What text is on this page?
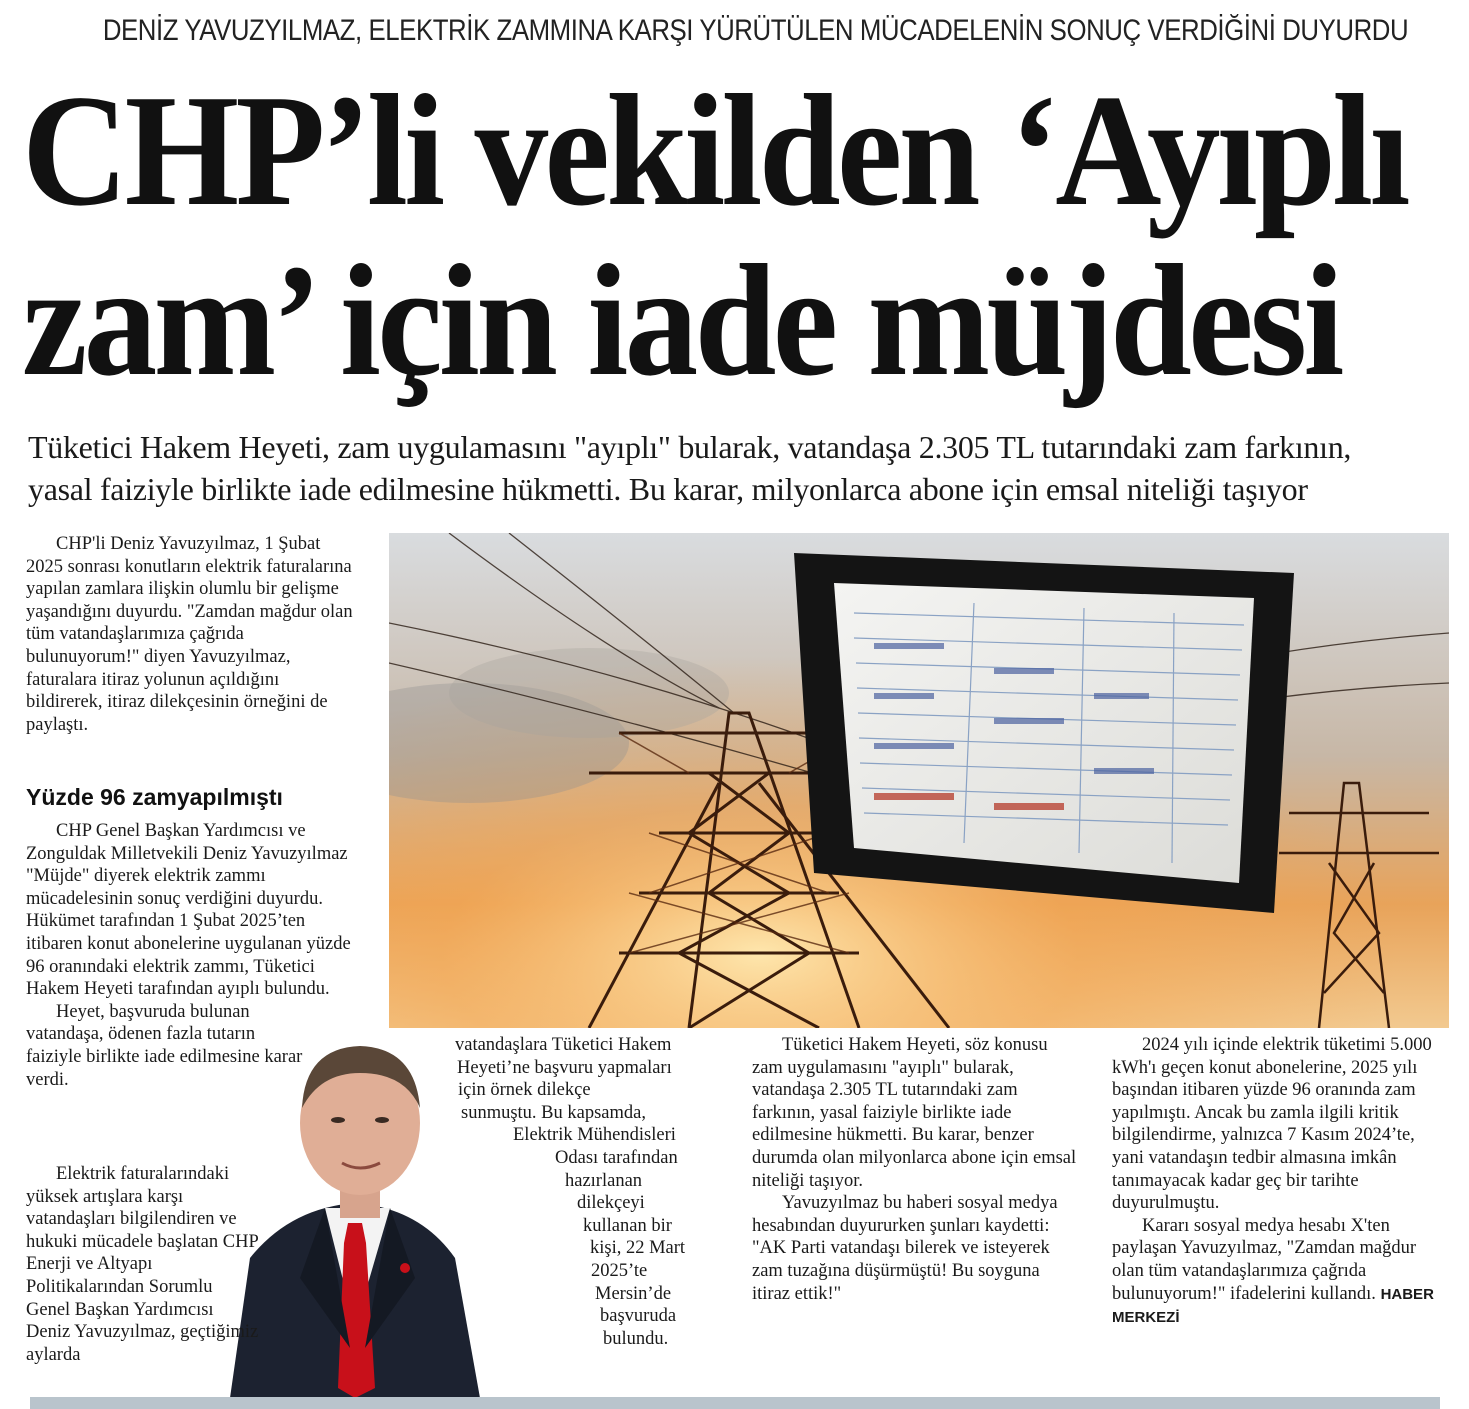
DENİZ YAVUZYILMAZ, ELEKTRİK ZAMMINA KARŞI YÜRÜTÜLEN MÜCADELENİN SONUÇ VERDİĞİNİ DUYURDU
CHP’li vekilden ‘Ayıplı
zam’ için iade müjdesi

Tüketici Hakem Heyeti, zam uygulamasını "ayıplı" bularak, vatandaşa 2.305 TL tutarındaki zam farkının,

yasal faiziyle birlikte iade edilmesine hükmetti. Bu karar, milyonlarca abone için emsal niteliği taşıyor

CHP'li Deniz Yavuzyılmaz, 1 Şubat 2025 sonrası konutların elektrik faturalarına yapılan zamlara ilişkin olumlu bir gelişme yaşandığını duyurdu. "Zamdan mağdur olan tüm vatandaşlarımıza çağrıda bulunuyorum!" diyen Yavuzyılmaz, faturalara itiraz yolunun açıldığını bildirerek, itiraz dilekçesinin örneğini de paylaştı.

Yüzde 96 zamyapılmıştı

CHP Genel Başkan Yardımcısı ve Zonguldak Milletvekili Deniz Yavuzyılmaz "Müjde" diyerek elektrik zammı mücadelesinin sonuç verdiğini duyurdu. Hükümet tarafından 1 Şubat 2025’ten itibaren konut abonelerine uygulanan yüzde 96 oranındaki elektrik zammı, Tüketici Hakem Heyeti tarafından ayıplı bulundu.

Heyet, başvuruda bulunan vatandaşa, ödenen fazla tutarın faiziyle birlikte iade edilmesine karar verdi.

Elektrik faturalarındaki yüksek artışlara karşı vatandaşları bilgilendiren ve hukuki mücadele başlatan CHP Enerji ve Altyapı Politikalarından Sorumlu Genel Başkan Yardımcısı Deniz Yavuzyılmaz, geçtiğimiz aylarda

vatandaşlara Tüketici Hakem
Heyeti’ne başvuru yapmaları
için örnek dilekçe
sunmuştu. Bu kapsamda,
Elektrik Mühendisleri
Odası tarafından
hazırlanan
dilekçeyi
kullanan bir
kişi, 22 Mart
2025’te
Mersin’de
başvuruda
bulundu.

Tüketici Hakem Heyeti, söz konusu zam uygulamasını "ayıplı" bularak, vatandaşa 2.305 TL tutarındaki zam farkının, yasal faiziyle birlikte iade edilmesine hükmetti. Bu karar, benzer durumda olan milyonlarca abone için emsal niteliği taşıyor.

Yavuzyılmaz bu haberi sosyal medya hesabından duyururken şunları kaydetti: "AK Parti vatandaşı bilerek ve isteyerek zam tuzağına düşürmüştü! Bu soyguna itiraz ettik!"

2024 yılı içinde elektrik tüketimi 5.000 kWh'ı geçen konut abonelerine, 2025 yılı başından itibaren yüzde 96 oranında zam yapılmıştı. Ancak bu zamla ilgili kritik bilgilendirme, yalnızca 7 Kasım 2024’te, yani vatandaşın tedbir almasına imkân tanımayacak kadar geç bir tarihte duyurulmuştu.

Kararı sosyal medya hesabı X'ten paylaşan Yavuzyılmaz, "Zamdan mağdur olan tüm vatandaşlarımıza çağrıda bulunuyorum!" ifadelerini kullandı. HABER MERKEZİ
